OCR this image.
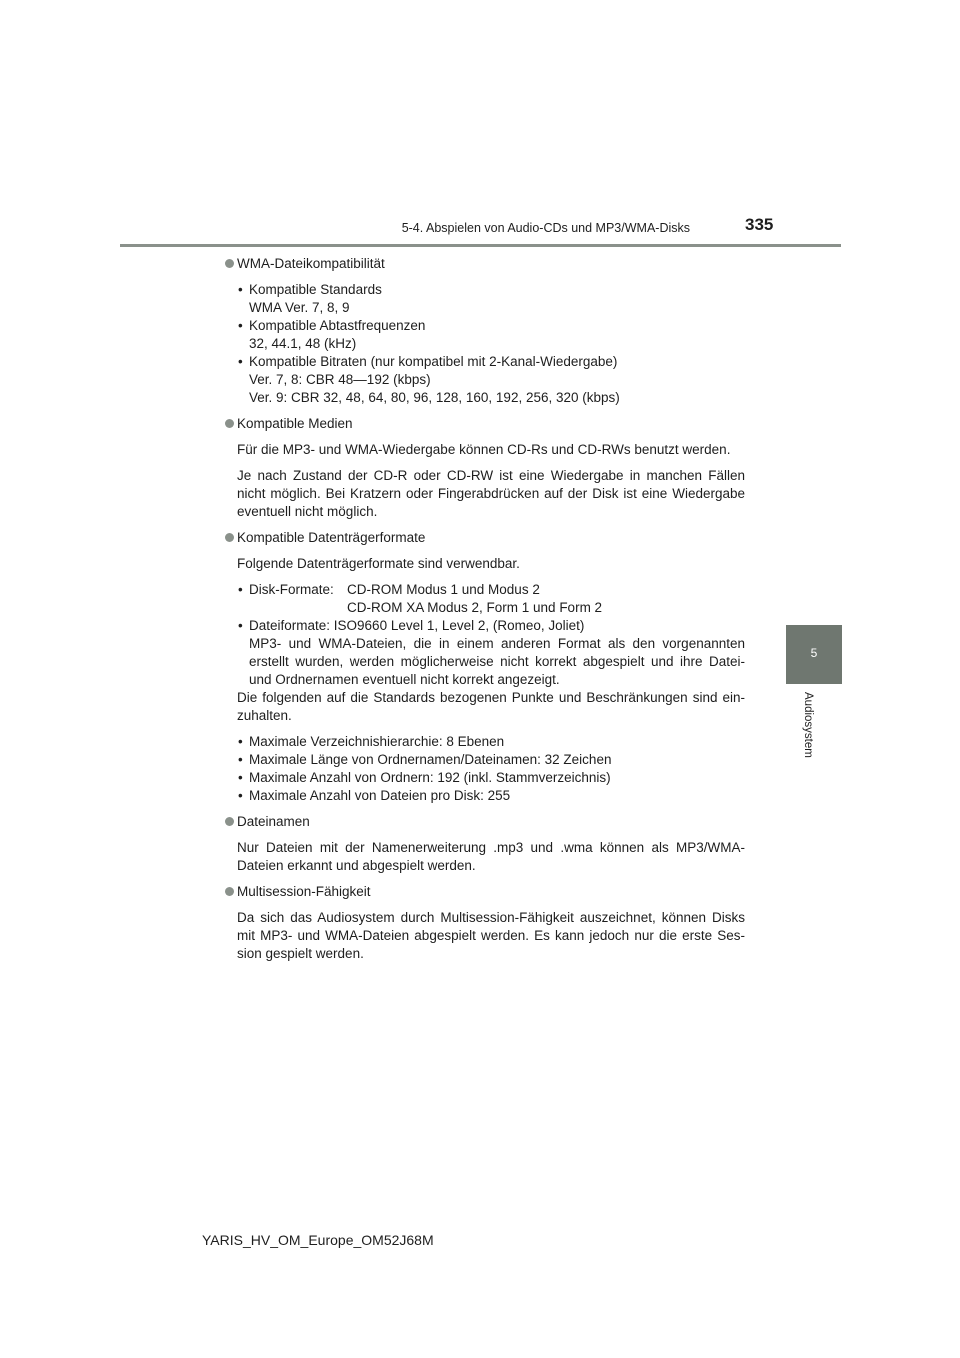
5-4. Abspielen von Audio-CDs und MP3/WMA-Disks	335
5
Audiosystem
WMA-Dateikompatibilität
• Kompatible Standards
WMA Ver. 7, 8, 9
• Kompatible Abtastfrequenzen
32, 44.1, 48 (kHz)
• Kompatible Bitraten (nur kompatibel mit 2-Kanal-Wiedergabe)
Ver. 7, 8: CBR 48—192 (kbps)
Ver. 9: CBR 32, 48, 64, 80, 96, 128, 160, 192, 256, 320 (kbps)
Kompatible Medien

Für die MP3- und WMA-Wiedergabe können CD-Rs und CD-RWs benutzt werden.

Je nach Zustand der CD-R oder CD-RW ist eine Wiedergabe in manchen Fällen nicht möglich. Bei Kratzern oder Fingerabdrücken auf der Disk ist eine Wiedergabe eventuell nicht möglich.

Kompatible Datenträgerformate

Folgende Datenträgerformate sind verwendbar.

• Disk-Formate: CD-ROM Modus 1 und Modus 2
CD-ROM XA Modus 2, Form 1 und Form 2
• Dateiformate: ISO9660 Level 1, Level 2, (Romeo, Joliet)
MP3- und WMA-Dateien, die in einem anderen Format als den vorgenannten erstellt wurden, werden möglicherweise nicht korrekt abgespielt und ihre Datei- und Ordnernamen eventuell nicht korrekt angezeigt.

Die folgenden auf die Standards bezogenen Punkte und Beschränkungen sind ein-zuhalten.

• Maximale Verzeichnishierarchie: 8 Ebenen
• Maximale Länge von Ordnernamen/Dateinamen: 32 Zeichen
• Maximale Anzahl von Ordnern: 192 (inkl. Stammverzeichnis)
• Maximale Anzahl von Dateien pro Disk: 255
Dateinamen

Nur Dateien mit der Namenerweiterung .mp3 und .wma können als MP3/WMA-Dateien erkannt und abgespielt werden.

Multisession-Fähigkeit

Da sich das Audiosystem durch Multisession-Fähigkeit auszeichnet, können Disks mit MP3- und WMA-Dateien abgespielt werden. Es kann jedoch nur die erste Ses-sion gespielt werden.

YARIS_HV_OM_Europe_OM52J68M
